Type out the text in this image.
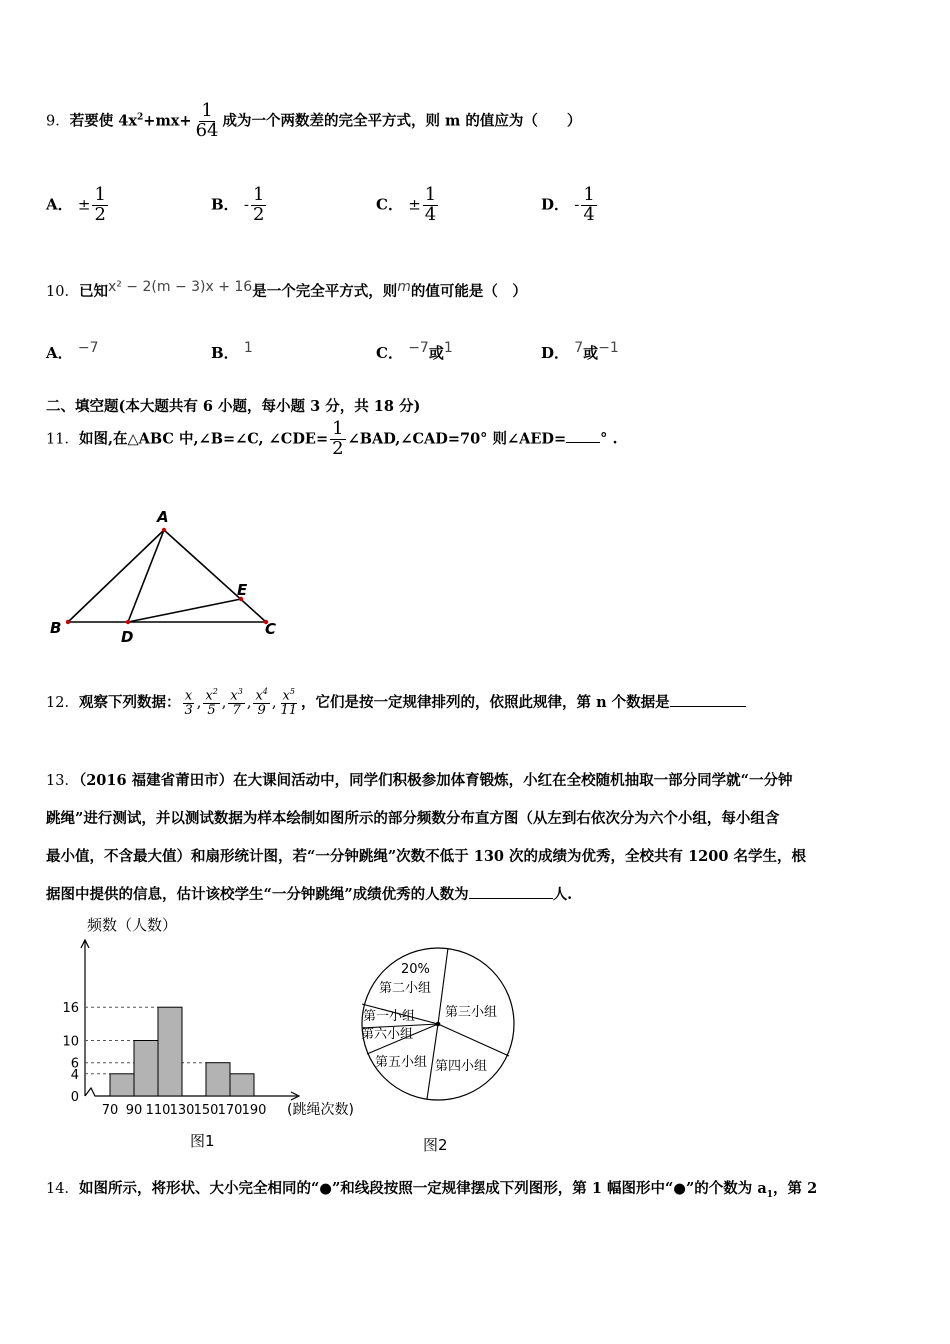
9．若要使 $4x^2+mx+ \frac{1}{64}$ 成为一个两数差的完全平方式，则 m 的值应为（　　）
A． ± $\frac{1}{2}$	B． - $\frac{1}{2}$	C． ± $\frac{1}{4}$	D． - $\frac{1}{4}$
10．已知x² − 2(m − 3)x + 16是一个完全平方式，则m的值可能是（　）
A． −7	B． 1	C． −7或1	D． 7或−1
二、填空题(本大题共有 6 小题，每小题 3 分，共 18 分)
11．如图,在△ABC 中,∠B=∠C, ∠CDE= $\frac{1}{2}$ ∠BAD,∠CAD=70° 则∠AED= ° .
A
B	C
D
E
12．观察下列数据： $\frac{x}{3}$ , $\frac{x^2}{5}$ , $\frac{x^3}{7}$ , $\frac{x^4}{9}$ , $\frac{x^5}{11}$ ，它们是按一定规律排列的，依照此规律，第 n 个数据是

13．（2016 福建省莆田市）在大课间活动中，同学们积极参加体育锻炼，小红在全校随机抽取一部分同学就“一分钟

跳绳”进行测试，并以测试数据为样本绘制如图所示的部分频数分布直方图（从左到右依次分为六个小组，每小组含

最小值，不含最大值）和扇形统计图，若“一分钟跳绳”次数不低于 130 次的成绩为优秀，全校共有 1200 名学生，根

据图中提供的信息，估计该校学生“一分钟跳绳”成绩优秀的人数为	人.

频数（人数）
0
4
6
10
16
70 90 110 130 150 170 190 (跳绳次数)
图1
20%
第二小组
第三小组
第四小组
第五小组
第六小组
第一小组
图2
14．如图所示，将形状、大小完全相同的“●”和线段按照一定规律摆成下列图形，第 1 幅图形中“●”的个数为 $a_1$，第 2
